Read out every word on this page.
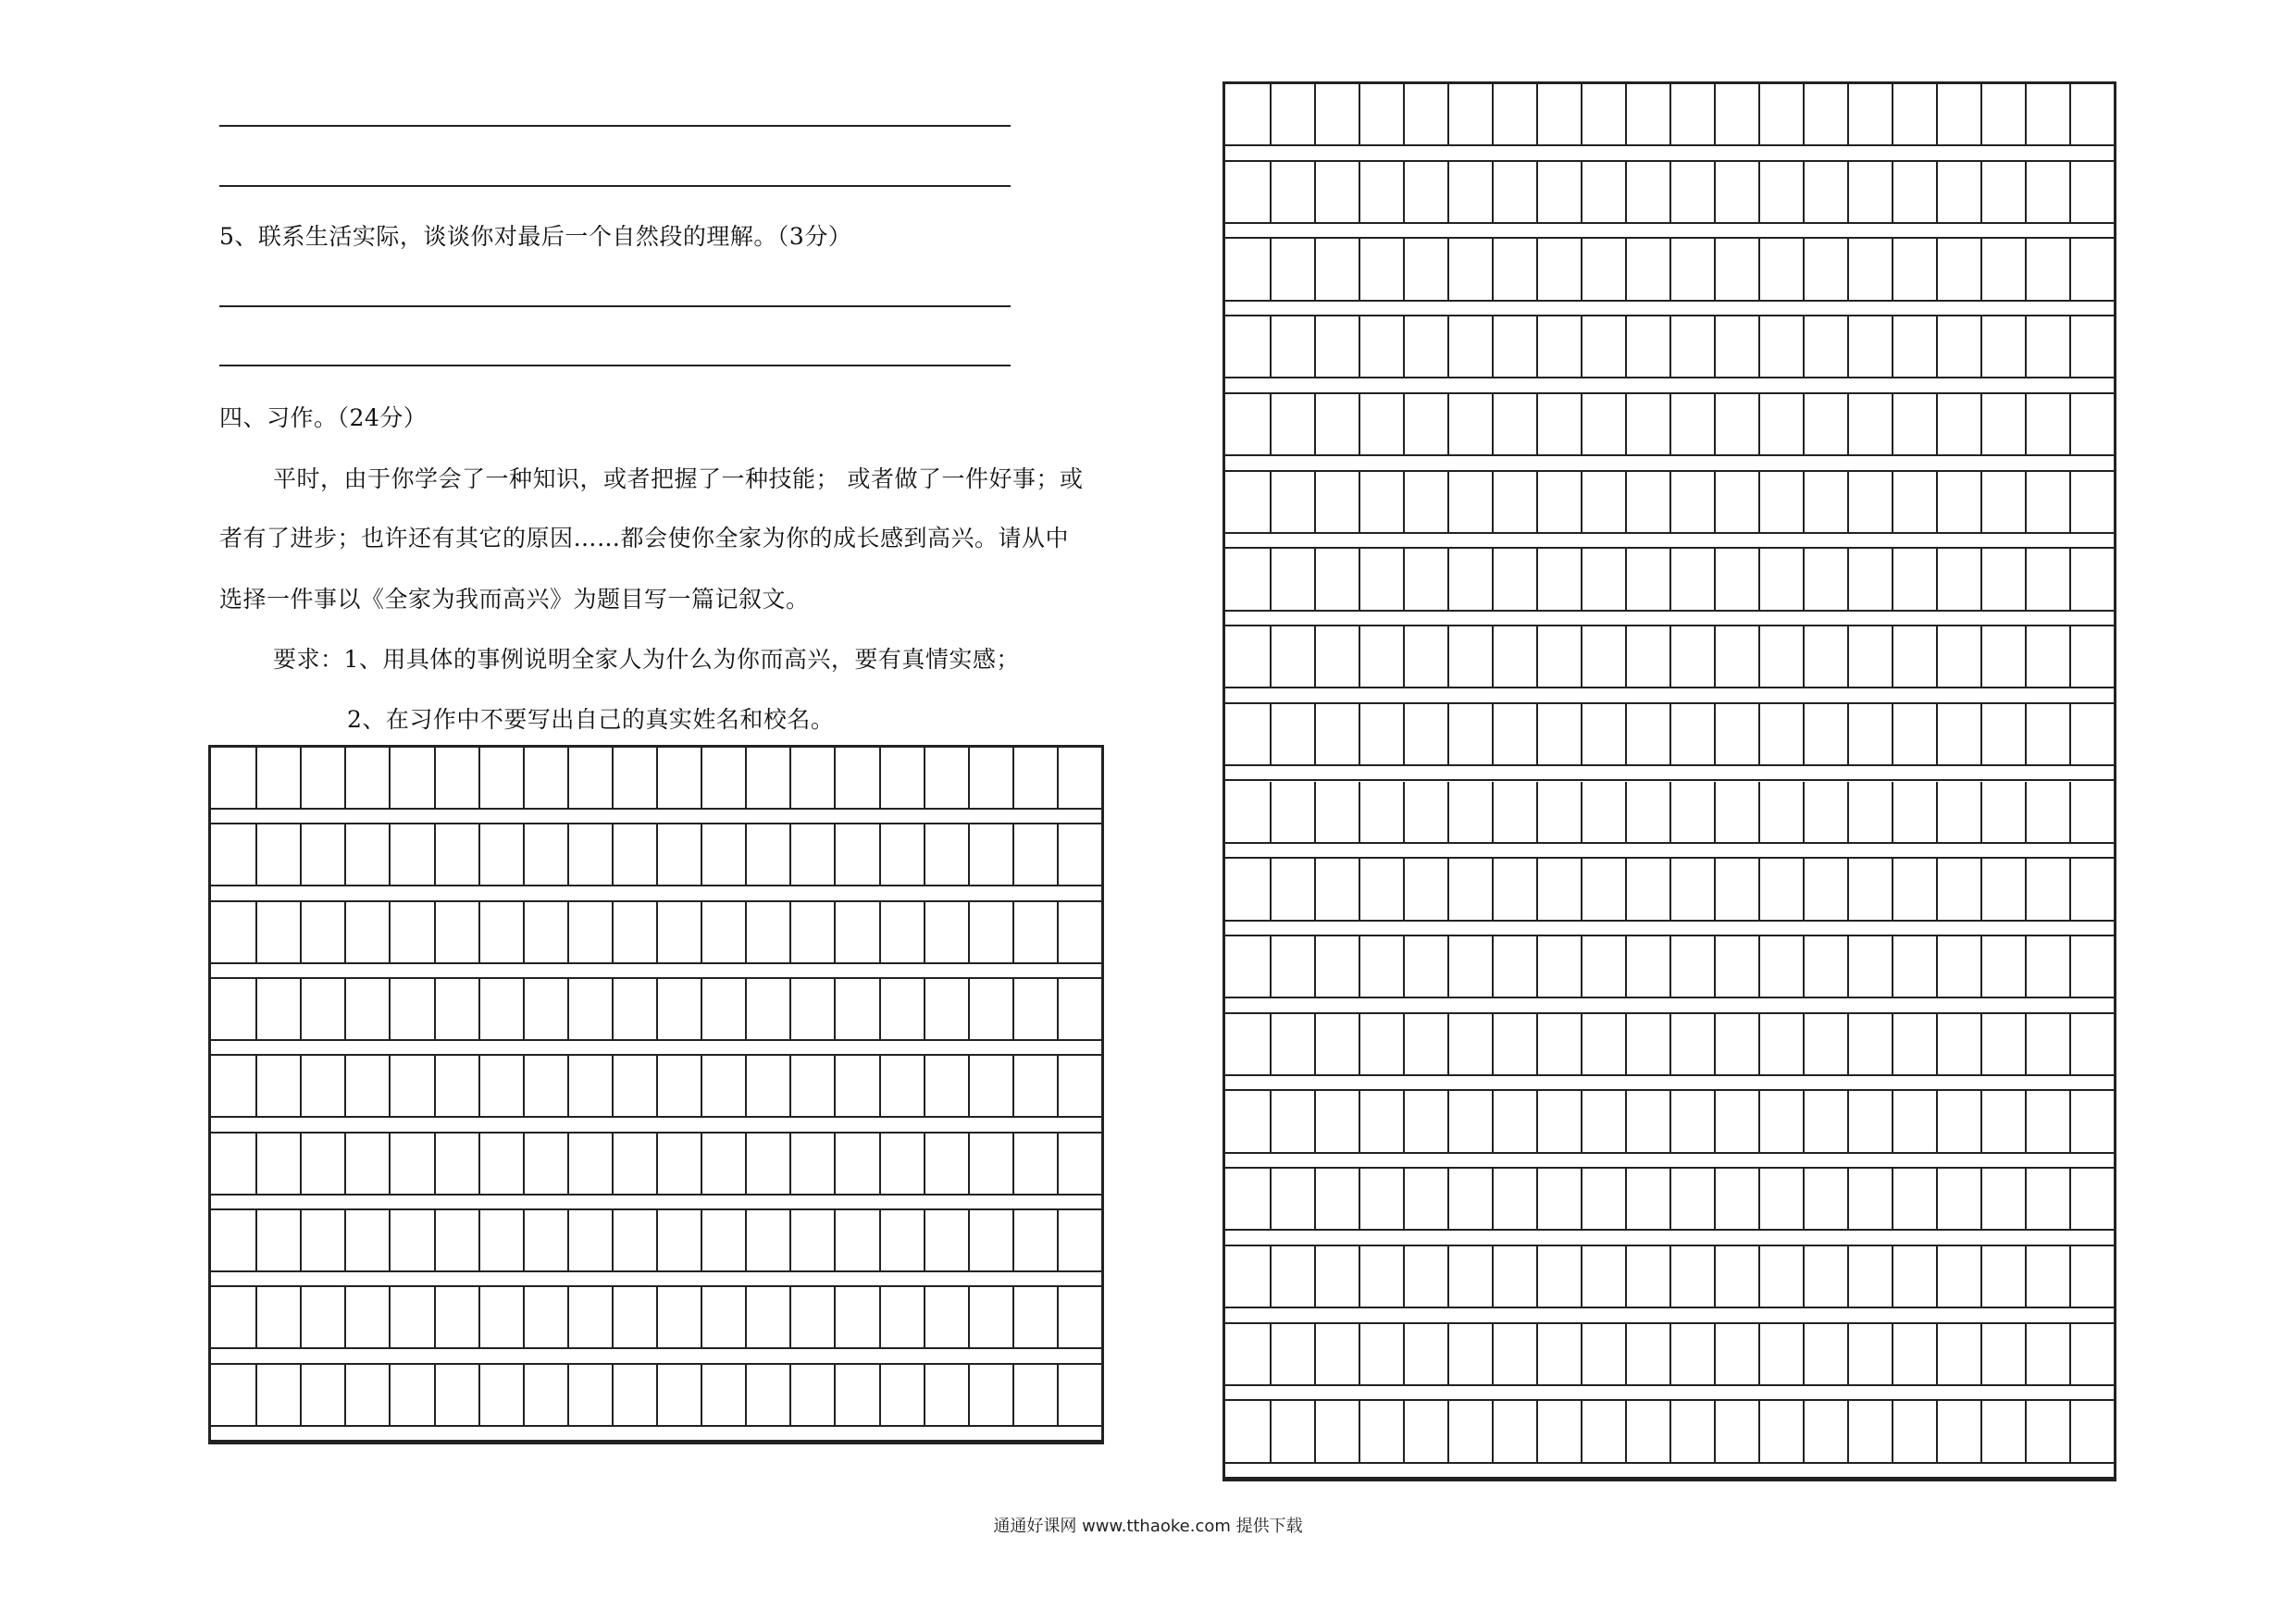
5、联系生活实际，谈谈你对最后一个自然段的理解。（3分）
四、习作。（24分）
平时，由于你学会了一种知识，或者把握了一种技能； 或者做了一件好事；或
者有了进步；也许还有其它的原因……都会使你全家为你的成长感到高兴。请从中
选择一件事以《全家为我而高兴》为题目写一篇记叙文。
要求：1、用具体的事例说明全家人为什么为你而高兴，要有真情实感；
2、在习作中不要写出自己的真实姓名和校名。
通通好课网 www.tthaoke.com 提供下载
